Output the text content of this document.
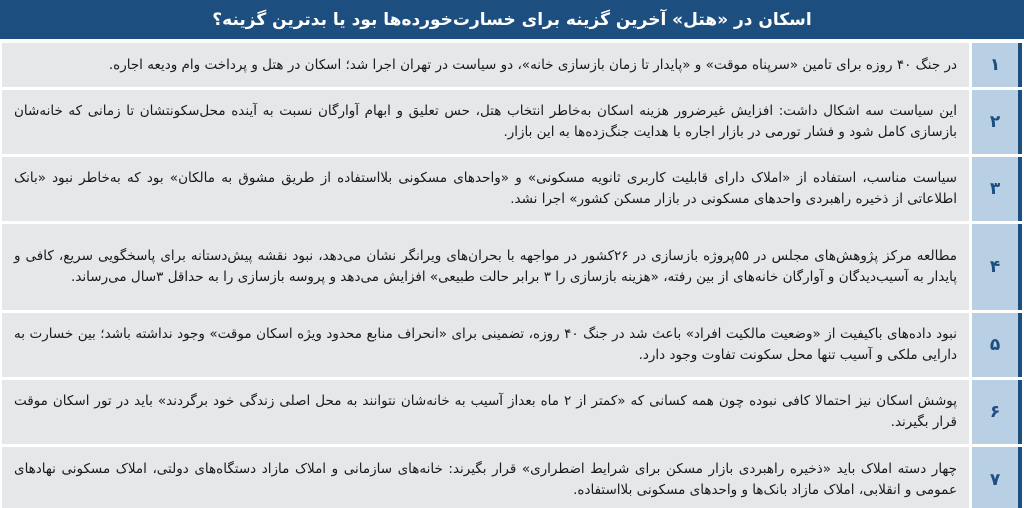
اسکان در «هتل» آخرین گزینه برای خسارت‌خورده‌ها بود یا بدترین گزینه؟
۱
در جنگ ۴۰ روزه برای تامین «سرپناه موقت» و «پایدار تا زمان بازسازی خانه»، دو سیاست در تهران اجرا شد؛ اسکان در هتل و پرداخت وام ودیعه اجاره.
۲
این سیاست سه اشکال داشت: افزایش غیرضرور هزینه اسکان به‌خاطر انتخاب هتل، حس تعلیق و ابهام آوارگان نسبت به آینده محل‌سکونتشان تا زمانی که خانه‌شان بازسازی کامل شود و فشار تورمی در بازار اجاره با هدایت جنگ‌زده‌ها به این بازار.
۳
سیاست مناسب، استفاده از «املاک دارای قابلیت کاربری ثانویه مسکونی» و «واحدهای مسکونی بلااستفاده از طریق مشوق به مالکان» بود که به‌خاطر نبود «بانک اطلاعاتی از ذخیره راهبردی واحدهای مسکونی در بازار مسکن کشور» اجرا نشد.
۴
مطالعه مرکز پژوهش‌های مجلس در ۵۵پروژه بازسازی در ۲۶کشور در مواجهه با بحران‌های ویرانگر نشان می‌دهد، نبود نقشه پیش‌دستانه برای پاسخگویی سریع، کافی و پایدار به آسیب‌دیدگان و آوارگان خانه‌های از بین رفته، «هزینه بازسازی را ۳ برابر حالت طبیعی» افزایش می‌دهد و پروسه بازسازی را به حداقل ۳سال می‌رساند.
۵
نبود داده‌های باکیفیت از «وضعیت مالکیت افراد» باعث شد در جنگ ۴۰ روزه، تضمینی برای «انحراف منابع محدود ویژه اسکان موقت» وجود نداشته باشد؛ بین خسارت به دارایی ملکی و آسیب تنها محل سکونت تفاوت وجود دارد.
۶
پوشش اسکان نیز احتمالا کافی نبوده چون همه کسانی که «کمتر از ۲ ماه بعداز آسیب به خانه‌شان نتوانند به محل اصلی زندگی خود برگردند» باید در تور اسکان موقت قرار بگیرند.
۷
چهار دسته املاک باید «ذخیره راهبردی بازار مسکن برای شرایط اضطراری» قرار بگیرند: خانه‌های سازمانی و املاک مازاد دستگاه‌های دولتی، املاک مسکونی نهادهای عمومی و انقلابی، املاک مازاد بانک‌ها و واحدهای مسکونی بلااستفاده.
